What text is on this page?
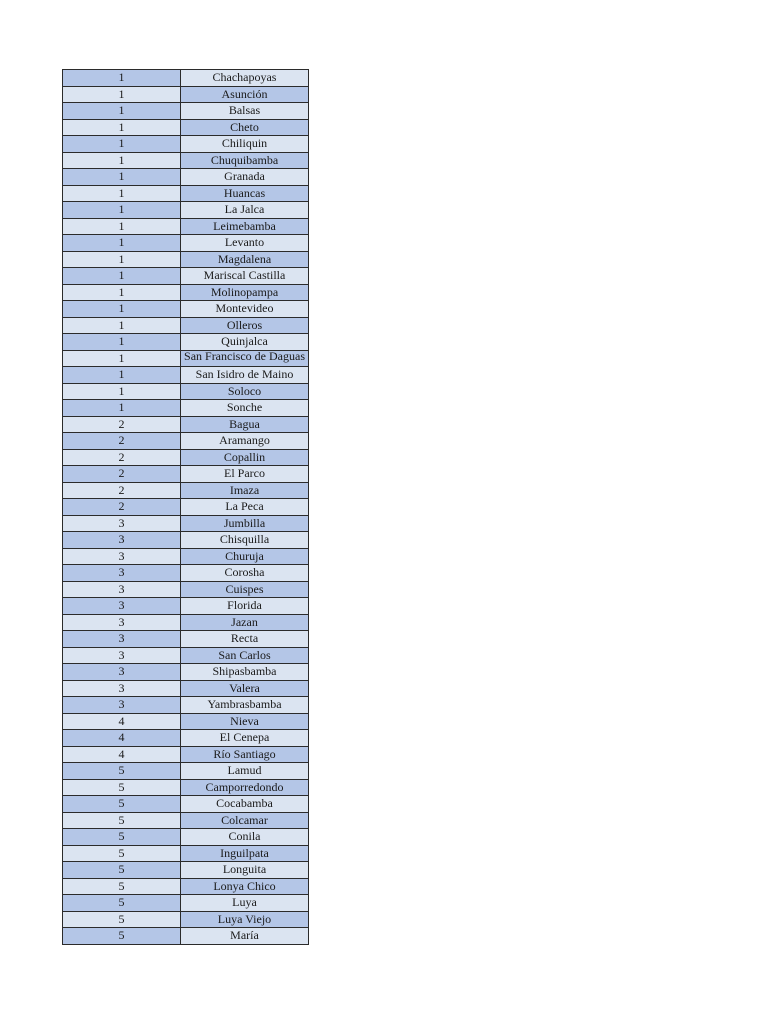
1	Chachapoyas
1	Asunción
1	Balsas
1	Cheto
1	Chiliquin
1	Chuquibamba
1	Granada
1	Huancas
1	La Jalca
1	Leimebamba
1	Levanto
1	Magdalena
1	Mariscal Castilla
1	Molinopampa
1	Montevideo
1	Olleros
1	Quinjalca
1	San Francisco de Daguas

1	San Isidro de Maino
1	Soloco
1	Sonche
2	Bagua
2	Aramango
2	Copallin
2	El Parco
2	Imaza
2	La Peca
3	Jumbilla
3	Chisquilla
3	Churuja
3	Corosha
3	Cuispes
3	Florida
3	Jazan
3	Recta
3	San Carlos
3	Shipasbamba
3	Valera
3	Yambrasbamba
4	Nieva
4	El Cenepa
4	Río Santiago
5	Lamud
5	Camporredondo
5	Cocabamba
5	Colcamar
5	Conila
5	Inguilpata
5	Longuita
5	Lonya Chico
5	Luya
5	Luya Viejo
5	María
